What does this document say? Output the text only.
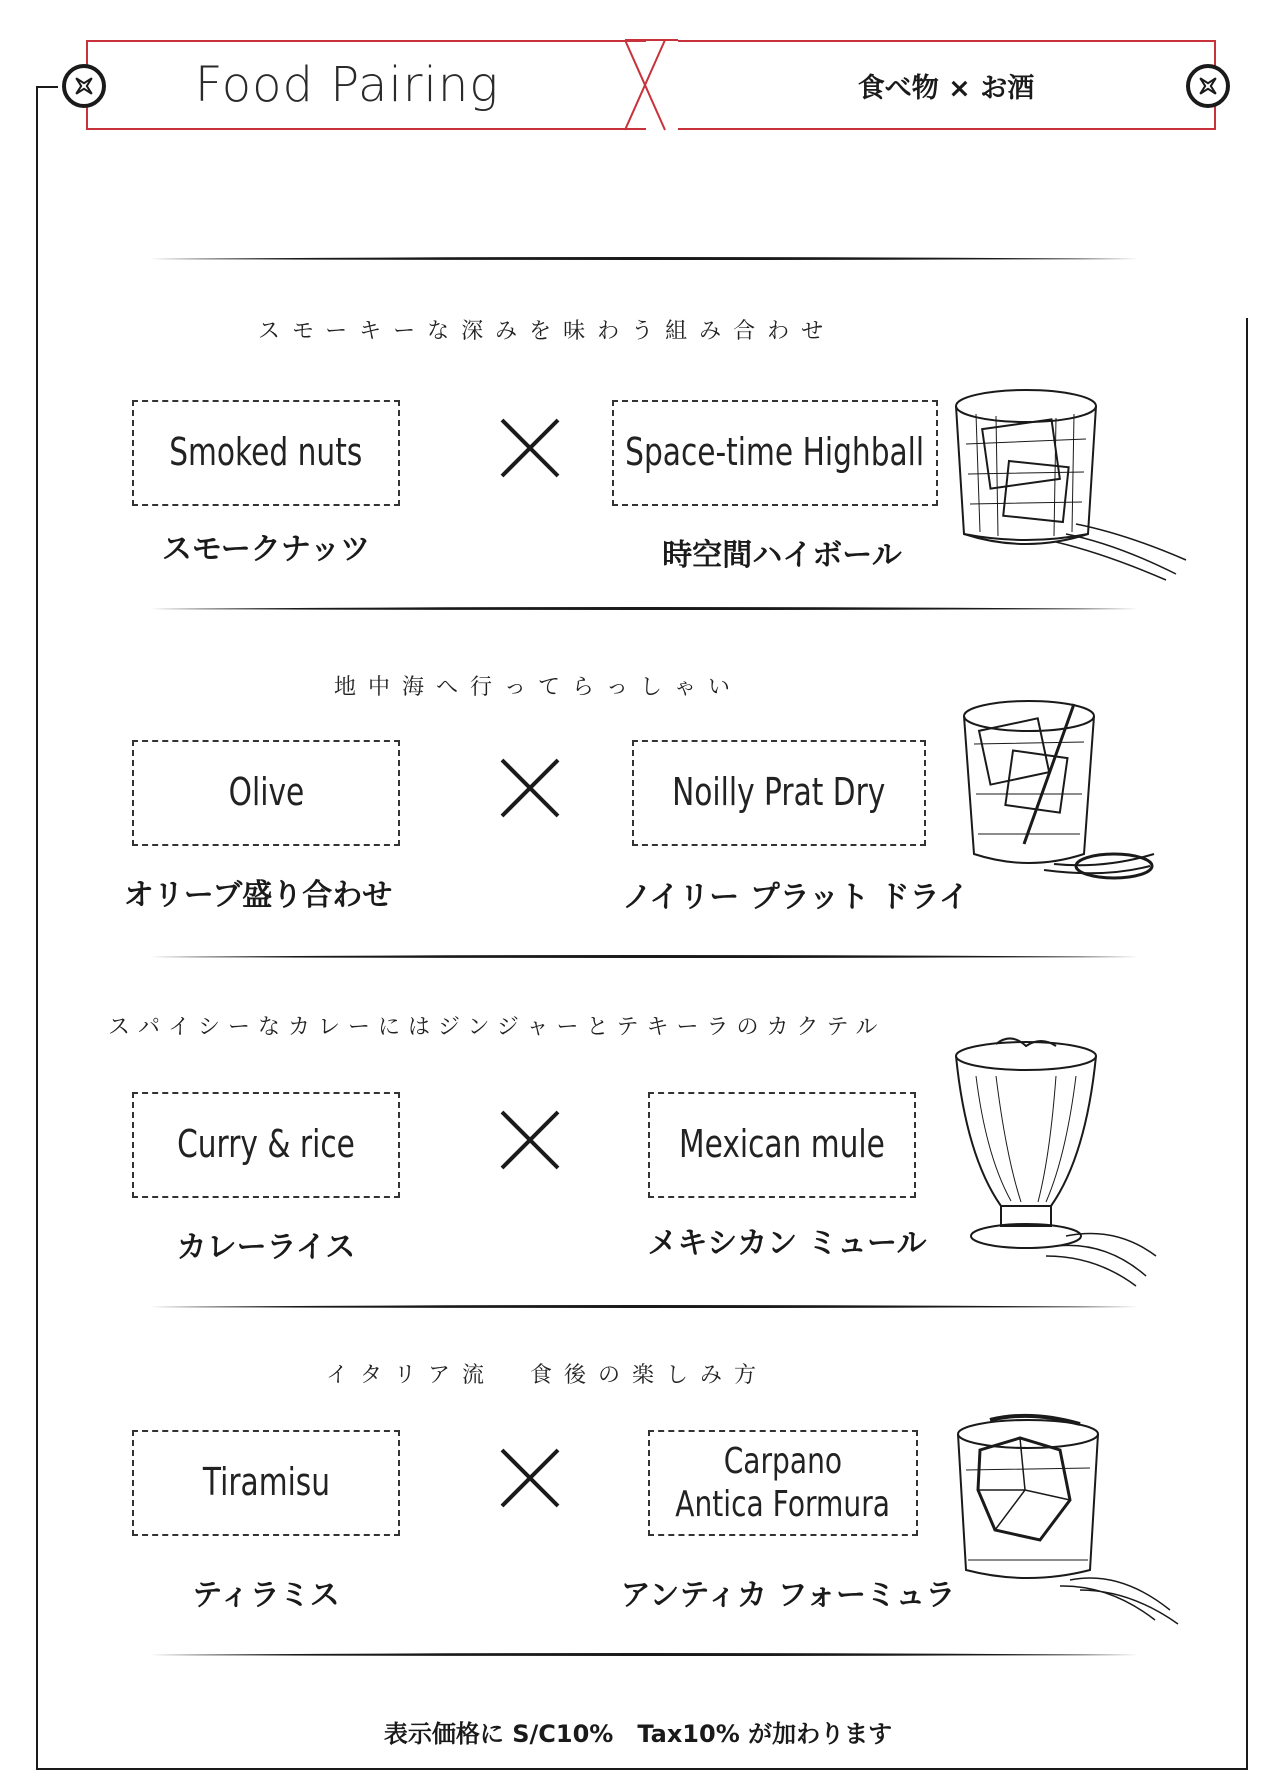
Food Pairing	食べ物 × お酒
スモーキーな深みを味わう組み合わせ
Smoked nuts	Space-time Highball
スモークナッツ	時空間ハイボール
地中海へ行ってらっしゃい
Olive	Noilly Prat Dry
オリーブ盛り合わせ	ノイリー プラット ドライ
スパイシーなカレーにはジンジャーとテキーラのカクテル
Curry & rice	Mexican mule
カレーライス	メキシカン ミュール
イタリア流　食後の楽しみ方
Tiramisu	Carpano
Antica Formura
ティラミス	アンティカ フォーミュラ
表示価格に S/C10%　Tax10% が加わります
